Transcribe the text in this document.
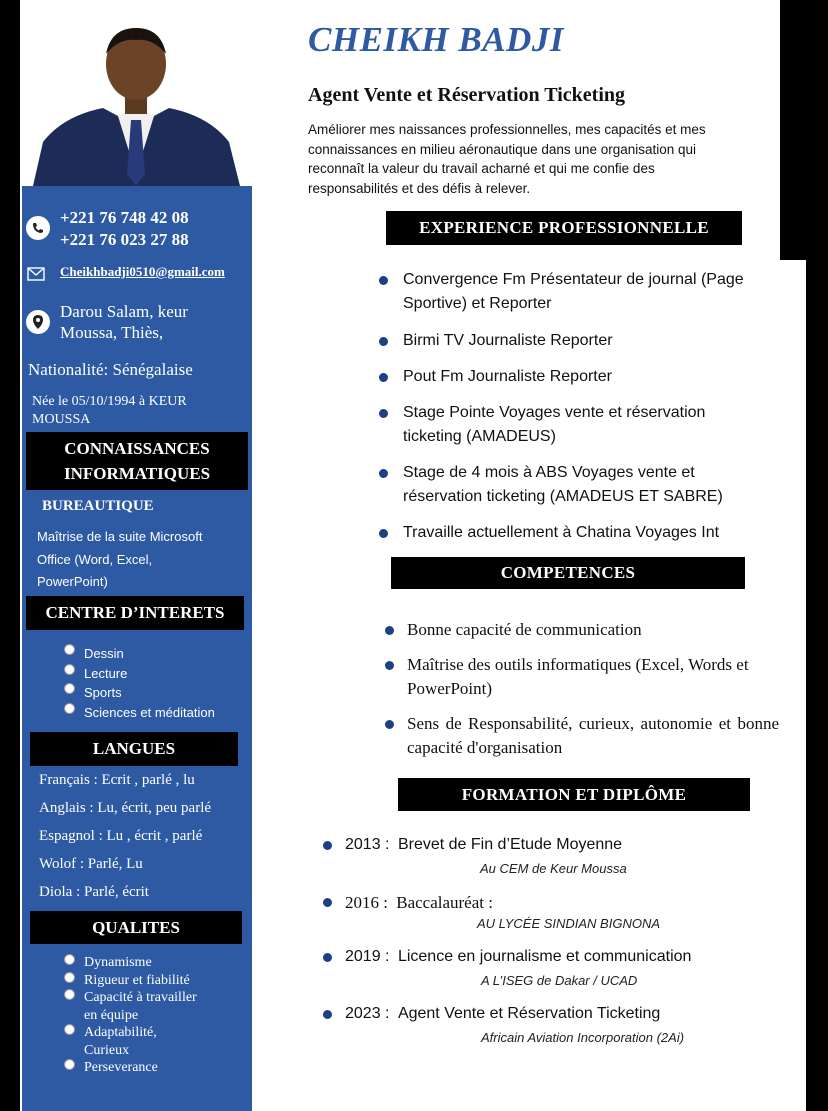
+221 76 748 42 08
+221 76 023 27 88
Cheikhbadji0510@gmail.com
Darou Salam, keur
Moussa, Thiès,
Nationalité: Sénégalaise
Née le 05/10/1994 à KEUR
MOUSSA
CONNAISSANCES
INFORMATIQUES
BUREAUTIQUE
Maîtrise de la suite Microsoft
Office (Word, Excel,
PowerPoint)
CENTRE D’INTERETS
Dessin
Lecture
Sports
Sciences et méditation
LANGUES
Français : Ecrit , parlé , lu
Anglais : Lu, écrit, peu parlé
Espagnol : Lu , écrit , parlé
Wolof : Parlé, Lu
Diola : Parlé, écrit
QUALITES
Dynamisme
Rigueur et fiabilité
Capacité à travailler en équipe
Adaptabilité, Curieux
Perseverance
CHEIKH BADJI
Agent Vente et Réservation Ticketing
Améliorer mes naissances professionnelles, mes capacités et mes connaissances en milieu aéronautique dans une organisation qui reconnaît la valeur du travail acharné et qui me confie des responsabilités et des défis à relever.
EXPERIENCE PROFESSIONNELLE
Convergence Fm Présentateur de journal (Page Sportive) et Reporter
Birmi TV Journaliste Reporter
Pout Fm Journaliste Reporter
Stage Pointe Voyages vente et réservation ticketing (AMADEUS)
Stage de 4 mois à ABS Voyages vente et réservation ticketing (AMADEUS ET SABRE)
Travaille actuellement à Chatina Voyages Int
COMPETENCES
Bonne capacité de communication
Maîtrise des outils informatiques (Excel, Words et PowerPoint)
Sens de Responsabilité, curieux, autonomie et bonne capacité d'organisation
FORMATION ET DIPLÔME
2013 : Brevet de Fin d’Etude Moyenne
Au CEM de Keur Moussa
2016 : Baccalauréat :
AU LYCÉE SINDIAN BIGNONA
2019 : Licence en journalisme et communication
A L’ISEG de Dakar / UCAD
2023 : Agent Vente et Réservation Ticketing
Africain Aviation Incorporation (2Ai)
